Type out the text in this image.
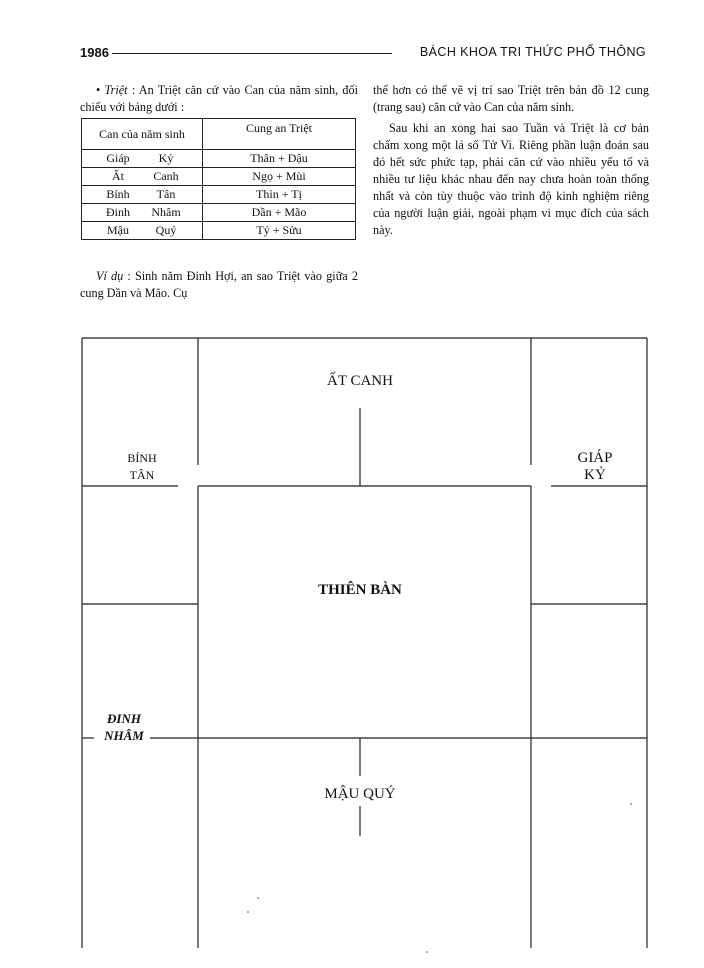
1986	BÁCH KHOA TRI THỨC PHỔ THÔNG

• Triệt : An Triệt căn cứ vào Can của năm sinh, đối chiếu với bảng dưới :

Can của năm sinh	Cung an Triệt
Giáp Kỷ	Thân + Dậu
Ất Canh	Ngọ + Mùi
Bính Tân	Thìn + Tị
Đinh Nhâm	Dần + Mão
Mậu Quý	Tý + Sửu

Ví dụ : Sinh năm Đinh Hợi, an sao Triệt vào giữa 2 cung Dần và Mão. Cụ

thể hơn có thể vẽ vị trí sao Triệt trên bản đồ 12 cung (trang sau) căn cứ vào Can của năm sinh.

Sau khi an xong hai sao Tuần và Triệt là cơ bản chấm xong một lá số Tử Vi. Riêng phần luận đoán sau đó hết sức phức tạp, phải căn cứ vào nhiều yếu tố và nhiều tư liệu khác nhau đến nay chưa hoàn toàn thống nhất và còn tùy thuộc vào trình độ kinh nghiệm riêng của người luận giải, ngoài phạm vi mục đích của sách này.

ẤT CANH
THIÊN BÀN
MẬU QUÝ
BÍNH
TÂN
GIÁP
KỶ
ĐINH
NHÂM
